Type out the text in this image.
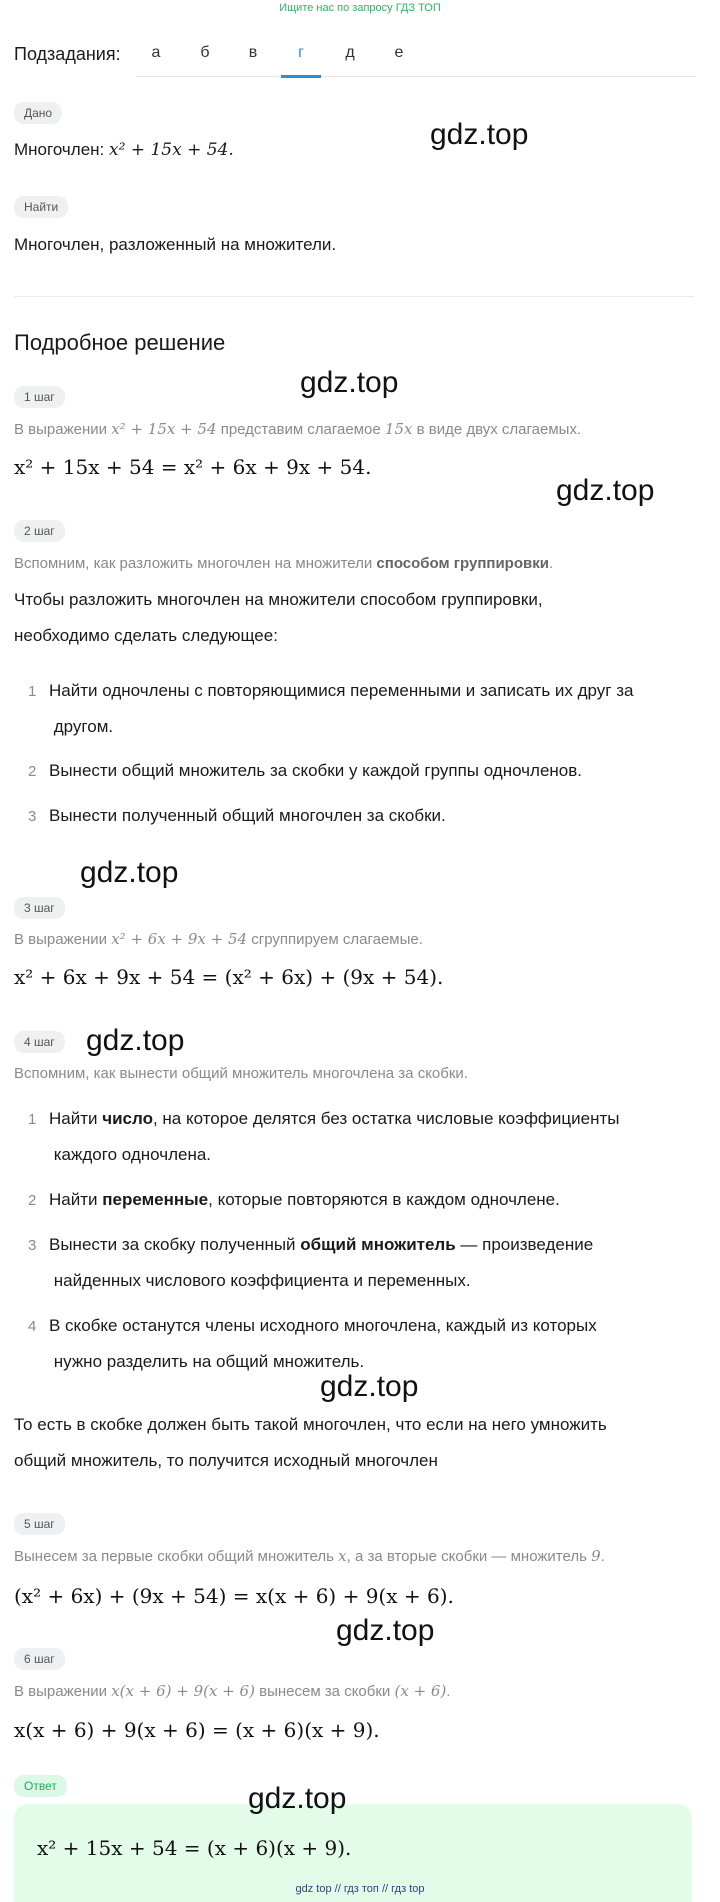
Ищите нас по запросу ГДЗ ТОП
Подзадания:	а	б	в	г	д	е
Дано
Многочлен: x² + 15x + 54.	gdz.top
Найти
Многочлен, разложенный на множители.
Подробное решение
1 шаг	gdz.top
В выражении x² + 15x + 54 представим слагаемое 15x в виде двух слагаемых.
x² + 15x + 54 = x² + 6x + 9x + 54.
gdz.top
2 шаг
Вспомним, как разложить многочлен на множители способом группировки.
Чтобы разложить многочлен на множители способом группировки,
необходимо сделать следующее:
1 Найти одночлены с повторяющимися переменными и записать их друг за
другом.
2 Вынести общий множитель за скобки у каждой группы одночленов.
3 Вынести полученный общий многочлен за скобки.
gdz.top
3 шаг
В выражении x² + 6x + 9x + 54 сгруппируем слагаемые.
x² + 6x + 9x + 54 = (x² + 6x) + (9x + 54).
4 шаг	gdz.top
Вспомним, как вынести общий множитель многочлена за скобки.
1 Найти число, на которое делятся без остатка числовые коэффициенты
каждого одночлена.
2 Найти переменные, которые повторяются в каждом одночлене.
3 Вынести за скобку полученный общий множитель — произведение
найденных числового коэффициента и переменных.
4 В скобке останутся члены исходного многочлена, каждый из которых
нужно разделить на общий множитель.
gdz.top
То есть в скобке должен быть такой многочлен, что если на него умножить
общий множитель, то получится исходный многочлен
5 шаг
Вынесем за первые скобки общий множитель x, а за вторые скобки — множитель 9.
(x² + 6x) + (9x + 54) = x(x + 6) + 9(x + 6).
gdz.top
6 шаг
В выражении x(x + 6) + 9(x + 6) вынесем за скобки (x + 6).
x(x + 6) + 9(x + 6) = (x + 6)(x + 9).
Ответ
x² + 15x + 54 = (x + 6)(x + 9).
gdz.top
gdz top // гдз топ // гдз top
